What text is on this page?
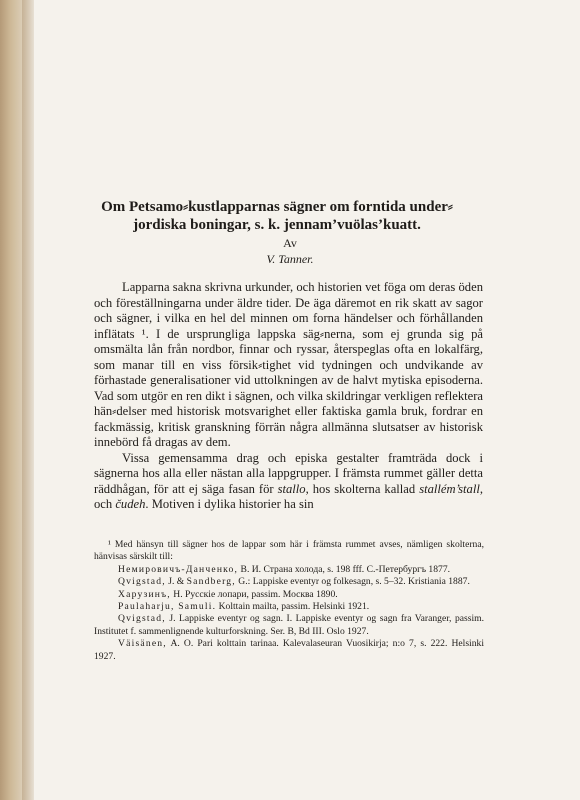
Om Petsamo⸗kustlapparnas sägner om forntida under⸗
jordiska boningar, s. k. jennam’vuölas’kuatt.
Av
V. Tanner.

Lapparna sakna skrivna urkunder, och historien vet föga om deras öden och föreställningarna under äldre tider. De äga däremot en rik skatt av sagor och sägner, i vilka en hel del minnen om forna händelser och förhållanden inflätats ¹. I de ursprungliga lappska säg⸗nerna, som ej grunda sig på omsmälta lån från nordbor, finnar och ryssar, återspeglas ofta en lokalfärg, som manar till en viss försik⸗tighet vid tydningen och undvikande av förhastade generalisationer vid uttolkningen av de halvt mytiska episoderna. Vad som utgör en ren dikt i sägnen, och vilka skildringar verkligen reflektera hän⸗delser med historisk motsvarighet eller faktiska gamla bruk, fordrar en fackmässig, kritisk granskning förrän några allmänna slutsatser av historisk innebörd få dragas av dem.

Vissa gemensamma drag och episka gestalter framträda dock i sägnerna hos alla eller nästan alla lappgrupper. I främsta rummet gäller detta räddhågan, för att ej säga fasan för stallo, hos skolterna kallad stallém’stall, och čudeh. Motiven i dylika historier ha sin

¹ Med hänsyn till sägner hos de lappar som här i främsta rummet avses, nämligen skolterna, hänvisas särskilt till:

Немировичъ-Данченко, В. И. Страна холода, s. 198 fff. С.-Петербургъ 1877.

Qvigstad, J. & Sandberg, G.: Lappiske eventyr og folkesagn, s. 5–32. Kristiania 1887.

Харузинъ, Н. Русскiе лопари, passim. Москва 1890.

Paulaharju, Samuli. Kolttain mailta, passim. Helsinki 1921.

Qvigstad, J. Lappiske eventyr og sagn. I. Lappiske eventyr og sagn fra Varanger, passim. Institutet f. sammenlignende kulturforskning. Ser. B, Bd III. Oslo 1927.

Väisänen, A. O. Pari kolttain tarinaa. Kalevalaseuran Vuosikirja; n:o 7, s. 222. Helsinki 1927.
